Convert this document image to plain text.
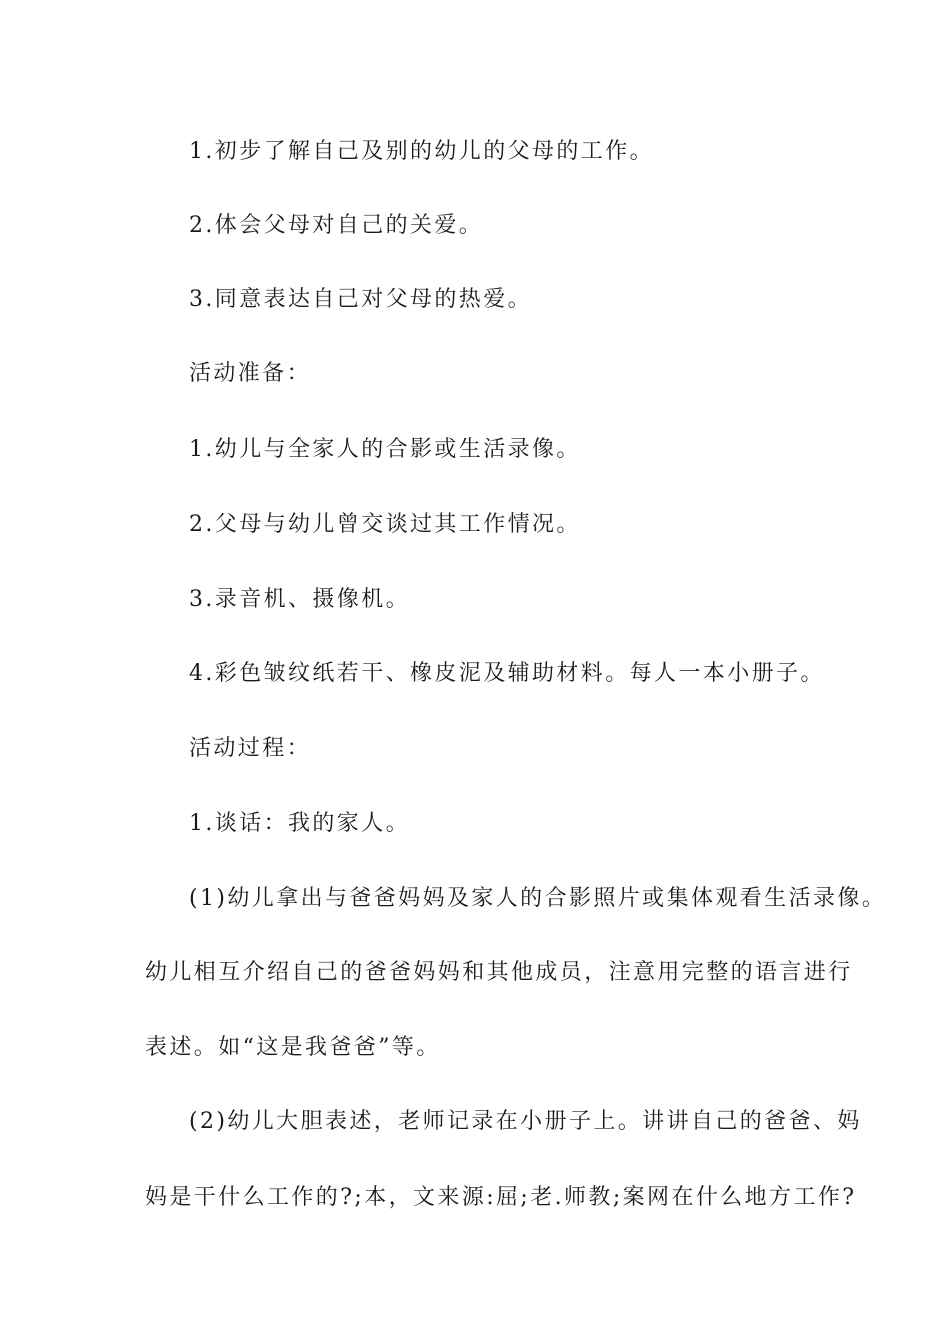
1.初步了解自己及别的幼儿的父母的工作。

2.体会父母对自己的关爱。

3.同意表达自己对父母的热爱。

活动准备：

1.幼儿与全家人的合影或生活录像。

2.父母与幼儿曾交谈过其工作情况。

3.录音机、摄像机。

4.彩色皱纹纸若干、橡皮泥及辅助材料。每人一本小册子。

活动过程：

1.谈话：我的家人。

(1)幼儿拿出与爸爸妈妈及家人的合影照片或集体观看生活录像。

幼儿相互介绍自己的爸爸妈妈和其他成员，注意用完整的语言进行

表述。如“这是我爸爸”等。

(2)幼儿大胆表述，老师记录在小册子上。讲讲自己的爸爸、妈

妈是干什么工作的?;本，文来源:屈;老.师教;案网在什么地方工作?
